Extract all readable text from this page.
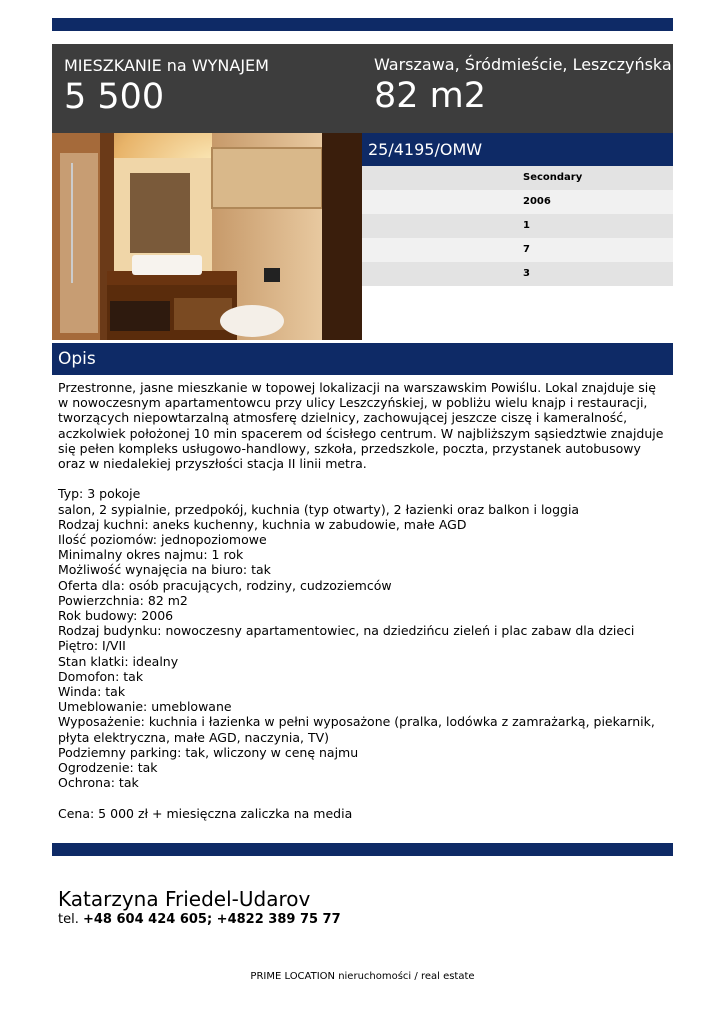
MIESZKANIE na WYNAJEM
5 500
Warszawa, Śródmieście, Leszczyńska
82 m2
25/4195/OMW
Secondary
2006
1
7
3
Opis

Przestronne, jasne mieszkanie w topowej lokalizacji na warszawskim Powiślu. Lokal znajduje się w nowoczesnym apartamentowcu przy ulicy Leszczyńskiej, w pobliżu wielu knajp i restauracji, tworzących niepowtarzalną atmosferę dzielnicy, zachowującej jeszcze ciszę i kameralność, aczkolwiek położonej 10 min spacerem od ścisłego centrum. W najbliższym sąsiedztwie znajduje się pełen kompleks usługowo-handlowy, szkoła, przedszkole, poczta, przystanek autobusowy oraz w niedalekiej przyszłości stacja II linii metra.

Typ: 3 pokoje

salon, 2 sypialnie, przedpokój, kuchnia (typ otwarty), 2 łazienki oraz balkon i loggia

Rodzaj kuchni: aneks kuchenny, kuchnia w zabudowie, małe AGD

Ilość poziomów: jednopoziomowe

Minimalny okres najmu: 1 rok

Możliwość wynajęcia na biuro: tak

Oferta dla: osób pracujących, rodziny, cudzoziemców

Powierzchnia: 82 m2

Rok budowy: 2006

Rodzaj budynku: nowoczesny apartamentowiec, na dziedzińcu zieleń i plac zabaw dla dzieci

Piętro: I/VII

Stan klatki: idealny

Domofon: tak

Winda: tak

Umeblowanie: umeblowane

Wyposażenie: kuchnia i łazienka w pełni wyposażone (pralka, lodówka z zamrażarką, piekarnik, płyta elektryczna, małe AGD, naczynia, TV)

Podziemny parking: tak, wliczony w cenę najmu

Ogrodzenie: tak

Ochrona: tak

Cena: 5 000 zł + miesięczna zaliczka na media

Katarzyna Friedel-Udarov
tel. +48 604 424 605; +4822 389 75 77
PRIME LOCATION nieruchomości / real estate
